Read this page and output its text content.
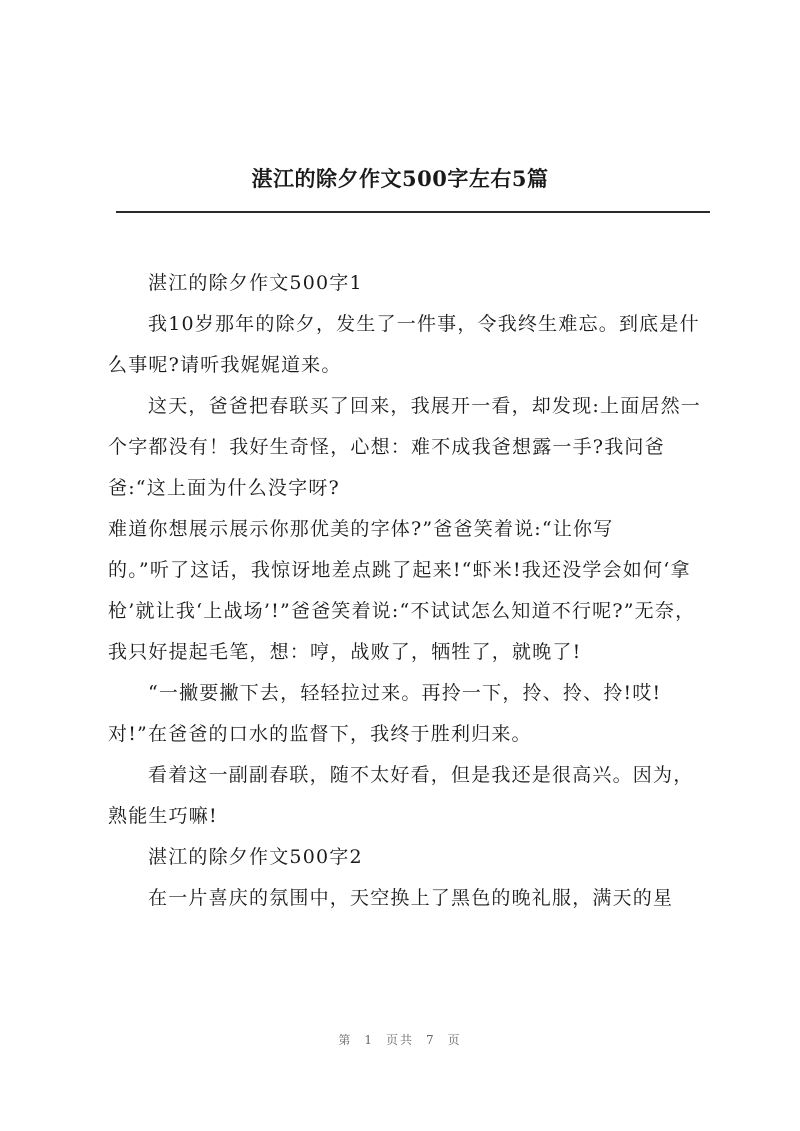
湛江的除夕作文500字左右5篇

湛江的除夕作文500字1

我10岁那年的除夕，发生了一件事，令我终生难忘。到底是什么事呢?请听我娓娓道来。

这天，爸爸把春联买了回来，我展开一看，却发现:上面居然一个字都没有！我好生奇怪，心想：难不成我爸想露一手?我问爸爸:“这上面为什么没字呀?

难道你想展示展示你那优美的字体?”爸爸笑着说:“让你写

的。”听了这话，我惊讶地差点跳了起来!“虾米!我还没学会如何‘拿枪’就让我‘上战场’!”爸爸笑着说:“不试试怎么知道不行呢?”无奈，我只好提起毛笔，想：哼，战败了，牺牲了，就晚了!

“一撇要撇下去，轻轻拉过来。再拎一下，拎、拎、拎!哎!对!”在爸爸的口水的监督下，我终于胜利归来。

看着这一副副春联，随不太好看，但是我还是很高兴。因为，熟能生巧嘛!

湛江的除夕作文500字2

在一片喜庆的氛围中，天空换上了黑色的晚礼服，满天的星

第 1 页共 7 页
